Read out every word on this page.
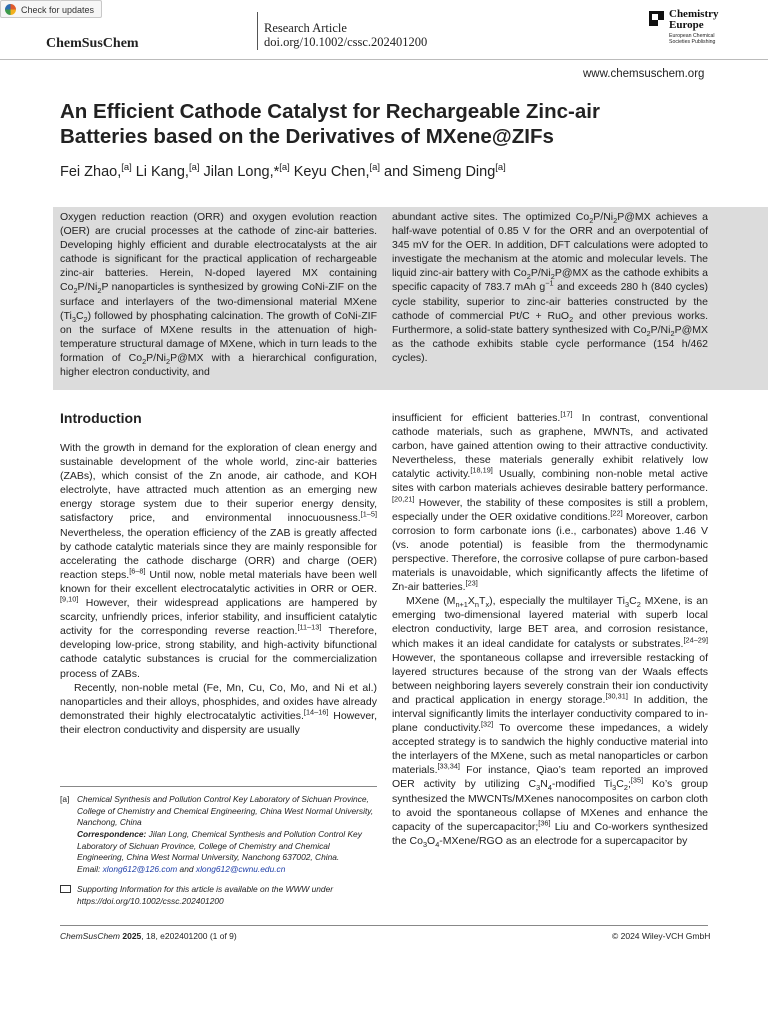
Check for updates
ChemSusChem
Research Article
doi.org/10.1002/cssc.202401200
Chemistry
Europe
European Chemical
Societies Publishing
www.chemsuschem.org
An Efficient Cathode Catalyst for Rechargeable Zinc-air
Batteries based on the Derivatives of MXene@ZIFs
Fei Zhao,[a] Li Kang,[a] Jilan Long,*[a] Keyu Chen,[a] and Simeng Ding[a]

Oxygen reduction reaction (ORR) and oxygen evolution reaction (OER) are crucial processes at the cathode of zinc-air batteries. Developing highly efficient and durable electrocatalysts at the air cathode is significant for the practical application of rechargeable zinc-air batteries. Herein, N-doped layered MX containing $Co_2P/Ni_2P$ nanoparticles is synthesized by growing CoNi-ZIF on the surface and interlayers of the two-dimensional material MXene $(Ti_3C_2)$ followed by phosphating calcination. The growth of CoNi-ZIF on the surface of MXene results in the attenuation of high-temperature structural damage of MXene, which in turn leads to the formation of $Co_2P/Ni_2P@MX$ with a hierarchical configuration, higher electron conductivity, and

abundant active sites. The optimized $Co_2P/Ni_2P@MX$ achieves a half-wave potential of 0.85 V for the ORR and an overpotential of 345 mV for the OER. In addition, DFT calculations were adopted to investigate the mechanism at the atomic and molecular levels. The liquid zinc-air battery with $Co_2P/Ni_2P@MX$ as the cathode exhibits a specific capacity of 783.7 mAh $g^{-1}$ and exceeds 280 h (840 cycles) cycle stability, superior to zinc-air batteries constructed by the cathode of commercial Pt/C + RuO$_2$ and other previous works. Furthermore, a solid-state battery synthesized with $Co_2P/Ni_2P@MX$ as the cathode exhibits stable cycle performance (154 h/462 cycles).

Introduction

With the growth in demand for the exploration of clean energy and sustainable development of the whole world, zinc-air batteries (ZABs), which consist of the Zn anode, air cathode, and KOH electrolyte, have attracted much attention as an emerging new energy storage system due to their superior energy density, satisfactory price, and environmental innocuousness.[1–5] Nevertheless, the operation efficiency of the ZAB is greatly affected by cathode catalytic materials since they are mainly responsible for accelerating the cathode discharge (ORR) and charge (OER) reaction steps.[6–8] Until now, noble metal materials have been well known for their excellent electrocatalytic activities in ORR or OER.[9,10] However, their widespread applications are hampered by scarcity, unfriendly prices, inferior stability, and insufficient catalytic activity for the corresponding reverse reaction.[11–13] Therefore, developing low-price, strong stability, and high-activity bifunctional cathode catalytic substances is crucial for the commercialization process of ZABs.

Recently, non-noble metal (Fe, Mn, Cu, Co, Mo, and Ni et al.) nanoparticles and their alloys, phosphides, and oxides have already demonstrated their highly electrocatalytic activities.[14–16] However, their electron conductivity and dispersity are usually

insufficient for efficient batteries.[17] In contrast, conventional cathode materials, such as graphene, MWNTs, and activated carbon, have gained attention owing to their attractive conductivity. Nevertheless, these materials generally exhibit relatively low catalytic activity.[18,19] Usually, combining non-noble metal active sites with carbon materials achieves desirable battery performance.[20,21] However, the stability of these composites is still a problem, especially under the OER oxidative conditions.[22] Moreover, carbon corrosion to form carbonate ions (i.e., carbonates) above 1.46 V (vs. anode potential) is feasible from the thermodynamic perspective. Therefore, the corrosive collapse of pure carbon-based materials is unavoidable, which significantly affects the lifetime of Zn-air batteries.[23]

MXene $(M_{n+1}X_nT_x)$, especially the multilayer $Ti_3C_2$ MXene, is an emerging two-dimensional layered material with superb local electron conductivity, large BET area, and corrosion resistance, which makes it an ideal candidate for catalysts or substrates.[24–29] However, the spontaneous collapse and irreversible restacking of layered structures because of the strong van der Waals effects between neighboring layers severely constrain their ion conductivity and practical application in energy storage.[30,31] In addition, the interval significantly limits the interlayer conductivity compared to in-plane conductivity.[32] To overcome these impedances, a widely accepted strategy is to sandwich the highly conductive material into the interlayers of the MXene, such as metal nanoparticles or carbon materials.[33,34] For instance, Qiao’s team reported an improved OER activity by utilizing $C_3N_4$-modified $Ti_3C_2;[35]$ Ko’s group synthesized the MWCNTs/MXenes nanocomposites on carbon cloth to avoid the spontaneous collapse of MXenes and enhance the capacity of the supercapacitor;[36] Liu and Co-workers synthesized the $Co_3O_4-MXene$/RGO as an electrode for a supercapacitor by

[a] Chemical Synthesis and Pollution Control Key Laboratory of Sichuan Province, College of Chemistry and Chemical Engineering, China West Normal University, Nanchong, China
Correspondence: Jilan Long, Chemical Synthesis and Pollution Control Key Laboratory of Sichuan Province, College of Chemistry and Chemical Engineering, China West Normal University, Nanchong 637002, China.
Email: xlong612@126.com and xlong612@cwnu.edu.cn
Supporting Information for this article is available on the WWW under https://doi.org/10.1002/cssc.202401200
ChemSusChem 2025, 18, e202401200 (1 of 9)	© 2024 Wiley-VCH GmbH
